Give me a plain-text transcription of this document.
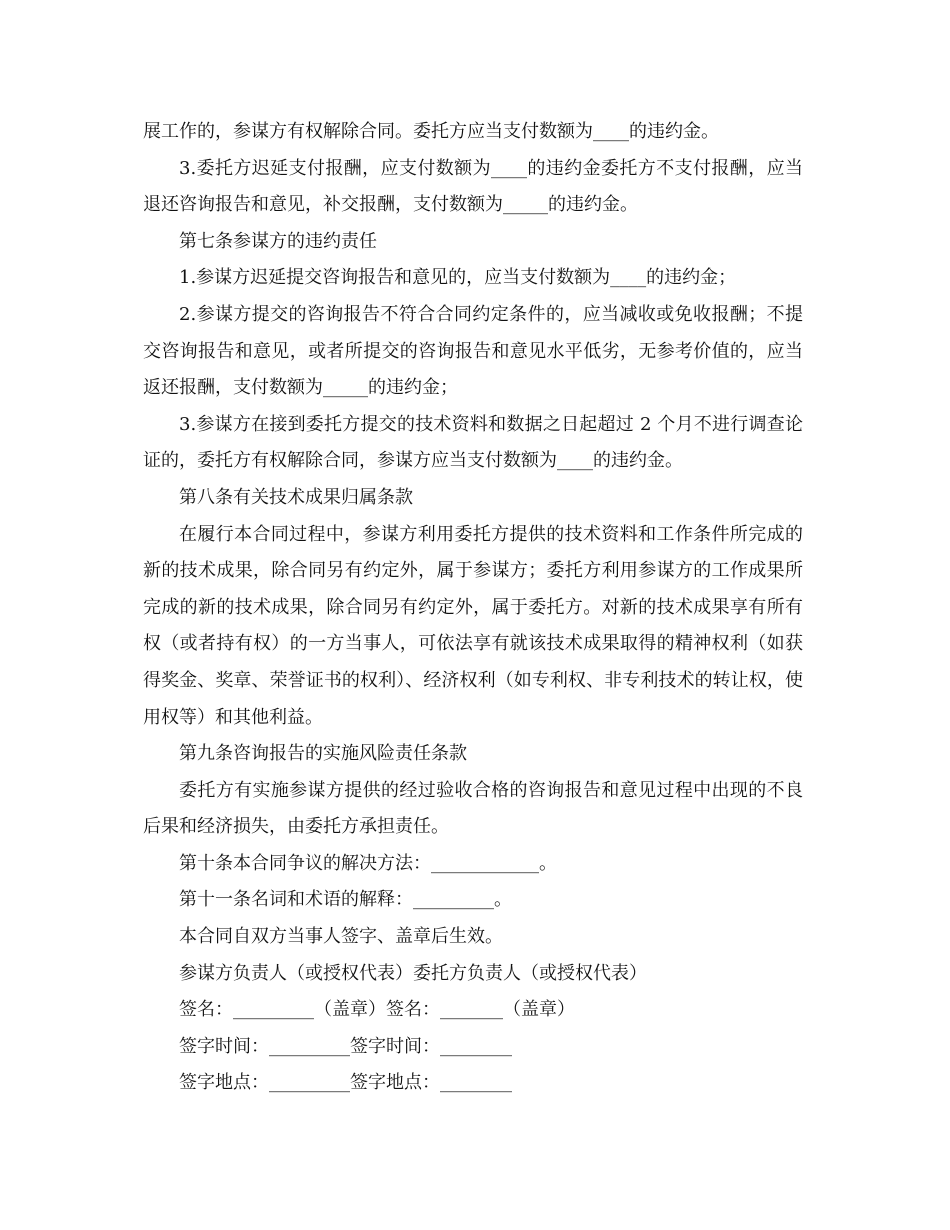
展工作的，参谋方有权解除合同。委托方应当支付数额为____的违约金。

3.委托方迟延支付报酬，应支付数额为____的违约金委托方不支付报酬，应当退还咨询报告和意见，补交报酬，支付数额为_____的违约金。

第七条参谋方的违约责任

1.参谋方迟延提交咨询报告和意见的，应当支付数额为____的违约金；

2.参谋方提交的咨询报告不符合合同约定条件的，应当减收或免收报酬；不提交咨询报告和意见，或者所提交的咨询报告和意见水平低劣，无参考价值的，应当返还报酬，支付数额为_____的违约金；

3.参谋方在接到委托方提交的技术资料和数据之日起超过 2 个月不进行调查论证的，委托方有权解除合同，参谋方应当支付数额为____的违约金。

第八条有关技术成果归属条款

在履行本合同过程中，参谋方利用委托方提供的技术资料和工作条件所完成的新的技术成果，除合同另有约定外，属于参谋方；委托方利用参谋方的工作成果所完成的新的技术成果，除合同另有约定外，属于委托方。对新的技术成果享有所有权（或者持有权）的一方当事人，可依法享有就该技术成果取得的精神权利（如获得奖金、奖章、荣誉证书的权利）、经济权利（如专利权、非专利技术的转让权，使用权等）和其他利益。

第九条咨询报告的实施风险责任条款

委托方有实施参谋方提供的经过验收合格的咨询报告和意见过程中出现的不良后果和经济损失，由委托方承担责任。

第十条本合同争议的解决方法：____________。

第十一条名词和术语的解释：_________。

本合同自双方当事人签字、盖章后生效。

参谋方负责人（或授权代表）委托方负责人（或授权代表）

签名：_________（盖章）签名：_______（盖章）

签字时间：_________签字时间：________

签字地点：_________签字地点：________
